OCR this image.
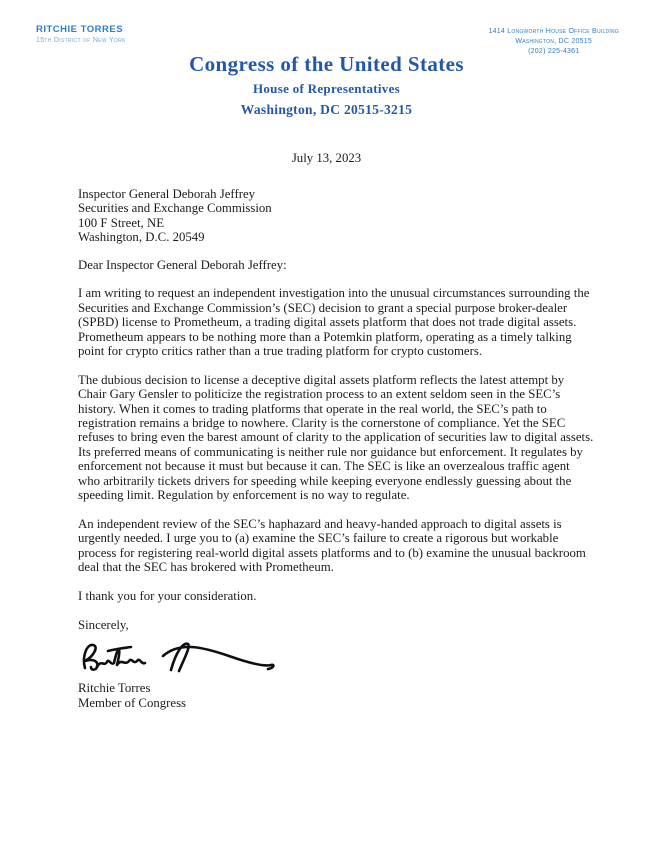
RITCHIE TORRES
15th District of New York
1414 Longworth House Office Building
Washington, DC 20515
(202) 225-4361
Congress of the United States
House of Representatives
Washington, DC 20515-3215
July 13, 2023
Inspector General Deborah Jeffrey
Securities and Exchange Commission
100 F Street, NE
Washington, D.C. 20549
Dear Inspector General Deborah Jeffrey:

I am writing to request an independent investigation into the unusual circumstances surrounding the Securities and Exchange Commission’s (SEC) decision to grant a special purpose broker-dealer (SPBD) license to Prometheum, a trading digital assets platform that does not trade digital assets. Prometheum appears to be nothing more than a Potemkin platform, operating as a timely talking point for crypto critics rather than a true trading platform for crypto customers.

The dubious decision to license a deceptive digital assets platform reflects the latest attempt by Chair Gary Gensler to politicize the registration process to an extent seldom seen in the SEC’s history. When it comes to trading platforms that operate in the real world, the SEC’s path to registration remains a bridge to nowhere. Clarity is the cornerstone of compliance. Yet the SEC refuses to bring even the barest amount of clarity to the application of securities law to digital assets. Its preferred means of communicating is neither rule nor guidance but enforcement. It regulates by enforcement not because it must but because it can. The SEC is like an overzealous traffic agent who arbitrarily tickets drivers for speeding while keeping everyone endlessly guessing about the speeding limit. Regulation by enforcement is no way to regulate.

An independent review of the SEC’s haphazard and heavy-handed approach to digital assets is urgently needed. I urge you to (a) examine the SEC’s failure to create a rigorous but workable process for registering real-world digital assets platforms and to (b) examine the unusual backroom deal that the SEC has brokered with Prometheum.

I thank you for your consideration.

Sincerely,
Ritchie Torres
Member of Congress
